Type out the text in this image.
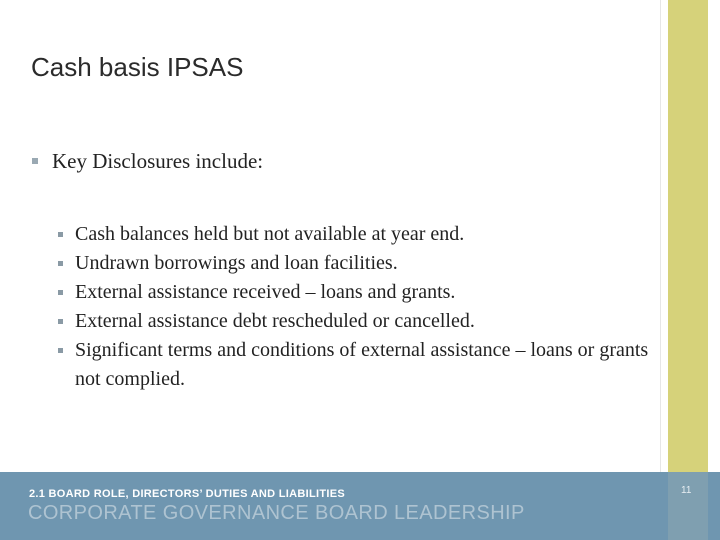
Cash basis IPSAS
Key Disclosures include:
Cash balances held but not available at year end.
Undrawn borrowings and loan facilities.
External assistance received – loans and grants.
External assistance debt rescheduled or cancelled.
Significant terms and conditions of external assistance – loans or grants not complied.
2.1 BOARD ROLE, DIRECTORS’ DUTIES AND LIABILITIES
CORPORATE GOVERNANCE BOARD LEADERSHIP
11
